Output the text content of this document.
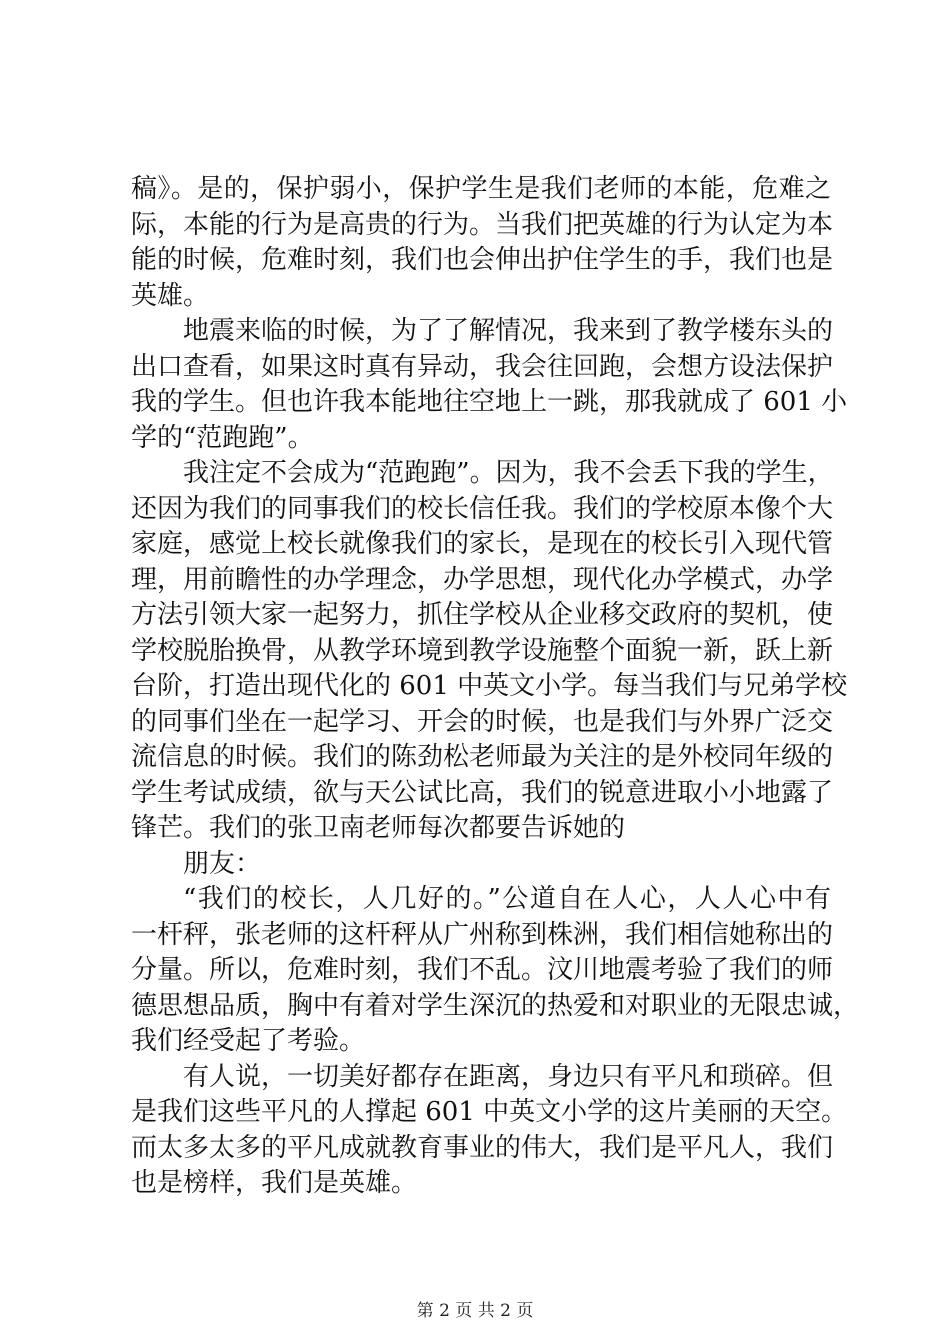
稿》。是的，保护弱小，保护学生是我们老师的本能，危难之
际，本能的行为是高贵的行为。当我们把英雄的行为认定为本
能的时候，危难时刻，我们也会伸出护住学生的手，我们也是
英雄。
地震来临的时候，为了了解情况，我来到了教学楼东头的
出口查看，如果这时真有异动，我会往回跑，会想方设法保护
我的学生。但也许我本能地往空地上一跳，那我就成了 601 小
学的“范跑跑”。
我注定不会成为“范跑跑”。因为，我不会丢下我的学生，
还因为我们的同事我们的校长信任我。我们的学校原本像个大
家庭，感觉上校长就像我们的家长，是现在的校长引入现代管
理，用前瞻性的办学理念，办学思想，现代化办学模式，办学
方法引领大家一起努力，抓住学校从企业移交政府的契机，使
学校脱胎换骨，从教学环境到教学设施整个面貌一新，跃上新
台阶，打造出现代化的 601 中英文小学。每当我们与兄弟学校
的同事们坐在一起学习、开会的时候，也是我们与外界广泛交
流信息的时候。我们的陈劲松老师最为关注的是外校同年级的
学生考试成绩，欲与天公试比高，我们的锐意进取小小地露了
锋芒。我们的张卫南老师每次都要告诉她的
朋友：
“我们的校长，人几好的。”公道自在人心，人人心中有
一杆秤，张老师的这杆秤从广州称到株洲，我们相信她称出的
分量。所以，危难时刻，我们不乱。汶川地震考验了我们的师
德思想品质，胸中有着对学生深沉的热爱和对职业的无限忠诚，
我们经受起了考验。
有人说，一切美好都存在距离，身边只有平凡和琐碎。但
是我们这些平凡的人撑起 601 中英文小学的这片美丽的天空。
而太多太多的平凡成就教育事业的伟大，我们是平凡人，我们
也是榜样，我们是英雄。
第 2 页 共 2 页
